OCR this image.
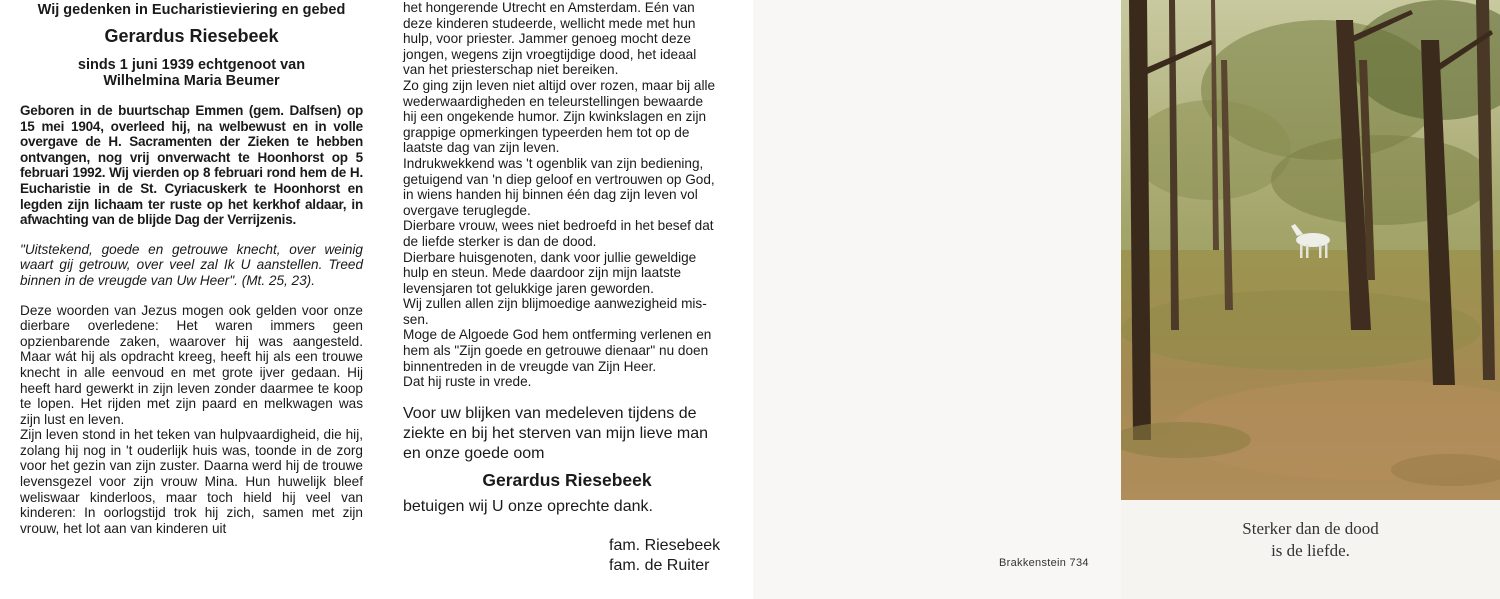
Wij gedenken in Eucharistieviering en gebed

Gerardus Riesebeek

sinds 1 juni 1939 echtgenoot van

Wilhelmina Maria Beumer

Geboren in de buurtschap Emmen (gem. Dalfsen) op 15 mei 1904, overleed hij, na welbewust en in volle overgave de H. Sacramenten der Zieken te hebben ontvangen, nog vrij onverwacht te Hoonhorst op 5 februari 1992. Wij vierden op 8 februari rond hem de H. Eucharistie in de St. Cyriacuskerk te Hoonhorst en legden zijn lichaam ter ruste op het kerkhof aldaar, in afwachting van de blijde Dag der Verrijzenis.

"Uitstekend, goede en getrouwe knecht, over weinig waart gij getrouw, over veel zal Ik U aanstellen. Treed binnen in de vreugde van Uw Heer". (Mt. 25, 23).

Deze woorden van Jezus mogen ook gelden voor onze dierbare overledene: Het waren immers geen opzienbarende zaken, waarover hij was aangesteld. Maar wát hij als opdracht kreeg, heeft hij als een trouwe knecht in alle eenvoud en met grote ijver gedaan. Hij heeft hard gewerkt in zijn leven zonder daarmee te koop te lopen. Het rijden met zijn paard en melkwagen was zijn lust en leven.

Zijn leven stond in het teken van hulpvaardigheid, die hij, zolang hij nog in 't ouderlijk huis was, toonde in de zorg voor het gezin van zijn zuster. Daarna werd hij de trouwe levensgezel voor zijn vrouw Mina. Hun huwelijk bleef weliswaar kinderloos, maar toch hield hij veel van kinderen: In oorlogstijd trok hij zich, samen met zijn vrouw, het lot aan van kinderen uit

het hongerende Utrecht en Amsterdam. Eén van
deze kinderen studeerde, wellicht mede met hun
hulp, voor priester. Jammer genoeg mocht deze
jongen, wegens zijn vroegtijdige dood, het ideaal
van het priesterschap niet bereiken.
Zo ging zijn leven niet altijd over rozen, maar bij alle
wederwaardigheden en teleurstellingen bewaarde
hij een ongekende humor. Zijn kwinkslagen en zijn
grappige opmerkingen typeerden hem tot op de
laatste dag van zijn leven.
Indrukwekkend was 't ogenblik van zijn bediening,
getuigend van 'n diep geloof en vertrouwen op God,
in wiens handen hij binnen één dag zijn leven vol
overgave teruglegde.
Dierbare vrouw, wees niet bedroefd in het besef dat
de liefde sterker is dan de dood.
Dierbare huisgenoten, dank voor jullie geweldige
hulp en steun. Mede daardoor zijn mijn laatste
levensjaren tot gelukkige jaren geworden.
Wij zullen allen zijn blijmoedige aanwezigheid mis-
sen.
Moge de Algoede God hem ontferming verlenen en
hem als "Zijn goede en getrouwe dienaar" nu doen
binnentreden in de vreugde van Zijn Heer.
Dat hij ruste in vrede.
Voor uw blijken van medeleven tijdens de
ziekte en bij het sterven van mijn lieve man
en onze goede oom

Gerardus Riesebeek

betuigen wij U onze oprechte dank.

fam. Riesebeek
fam. de Ruiter	Brakkenstein 734
Sterker dan de dood
is de liefde.
